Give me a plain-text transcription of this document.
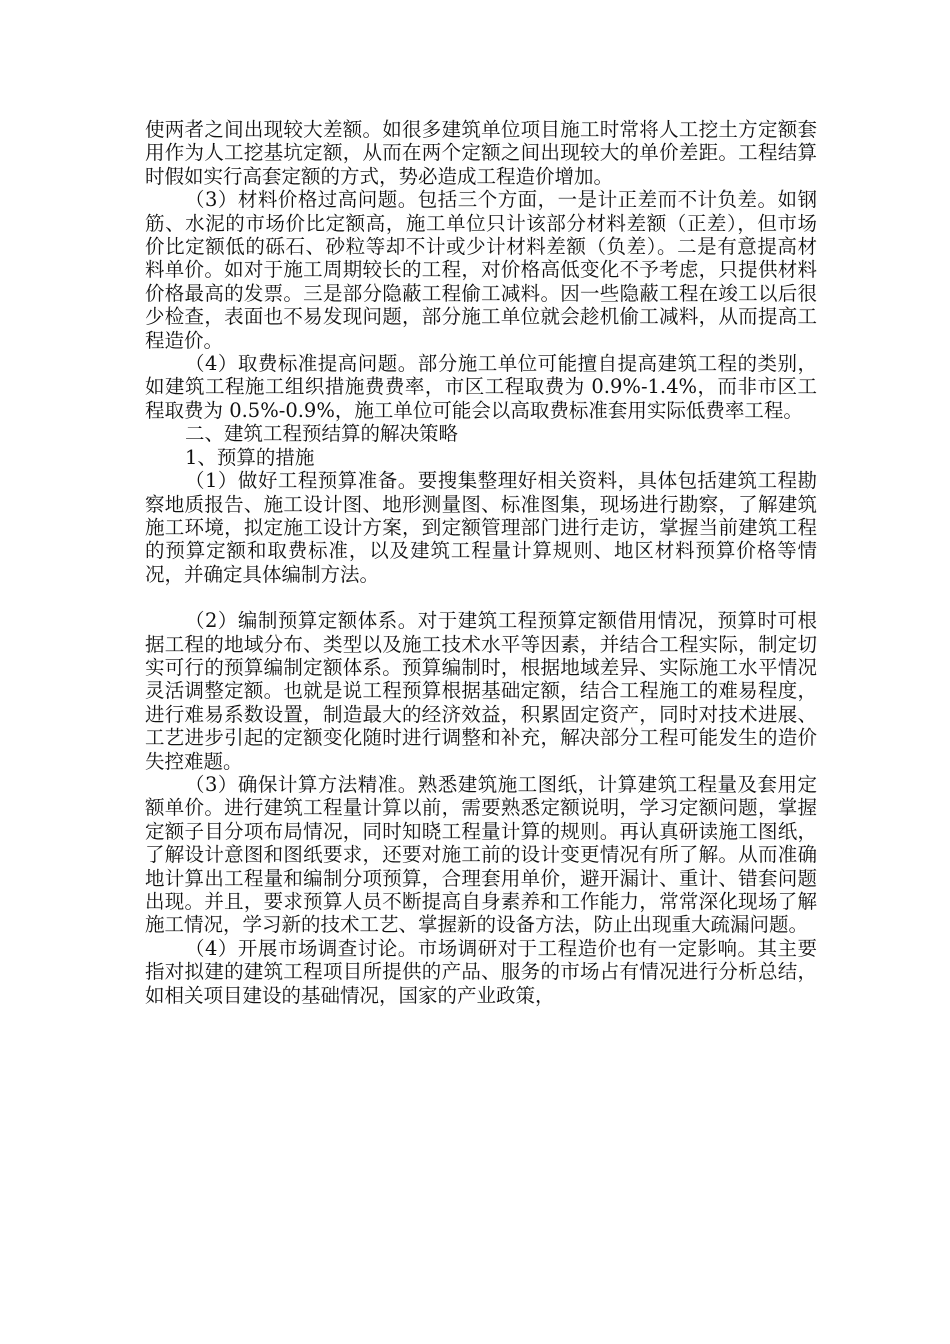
使两者之间出现较大差额。如很多建筑单位项目施工时常将人工挖土方定额套用作为人工挖基坑定额，从而在两个定额之间出现较大的单价差距。工程结算时假如实行高套定额的方式，势必造成工程造价增加。

（3）材料价格过高问题。包括三个方面，一是计正差而不计负差。如钢筋、水泥的市场价比定额高，施工单位只计该部分材料差额（正差），但市场价比定额低的砾石、砂粒等却不计或少计材料差额（负差）。二是有意提高材料单价。如对于施工周期较长的工程，对价格高低变化不予考虑，只提供材料价格最高的发票。三是部分隐蔽工程偷工减料。因一些隐蔽工程在竣工以后很少检查，表面也不易发现问题，部分施工单位就会趁机偷工减料，从而提高工程造价。

（4）取费标准提高问题。部分施工单位可能擅自提高建筑工程的类别，如建筑工程施工组织措施费费率，市区工程取费为 0.9%-1.4%，而非市区工程取费为 0.5%-0.9%，施工单位可能会以高取费标准套用实际低费率工程。

二、建筑工程预结算的解决策略

1、预算的措施

（1）做好工程预算准备。要搜集整理好相关资料，具体包括建筑工程勘察地质报告、施工设计图、地形测量图、标准图集，现场进行勘察，了解建筑施工环境，拟定施工设计方案，到定额管理部门进行走访，掌握当前建筑工程的预算定额和取费标准，以及建筑工程量计算规则、地区材料预算价格等情况，并确定具体编制方法。

（2）编制预算定额体系。对于建筑工程预算定额借用情况，预算时可根据工程的地域分布、类型以及施工技术水平等因素，并结合工程实际，制定切实可行的预算编制定额体系。预算编制时，根据地域差异、实际施工水平情况灵活调整定额。也就是说工程预算根据基础定额，结合工程施工的难易程度，进行难易系数设置，制造最大的经济效益，积累固定资产，同时对技术进展、工艺进步引起的定额变化随时进行调整和补充，解决部分工程可能发生的造价失控难题。

（3）确保计算方法精准。熟悉建筑施工图纸，计算建筑工程量及套用定额单价。进行建筑工程量计算以前，需要熟悉定额说明，学习定额问题，掌握定额子目分项布局情况，同时知晓工程量计算的规则。再认真研读施工图纸，了解设计意图和图纸要求，还要对施工前的设计变更情况有所了解。从而准确地计算出工程量和编制分项预算，合理套用单价，避开漏计、重计、错套问题出现。并且，要求预算人员不断提高自身素养和工作能力，常常深化现场了解施工情况，学习新的技术工艺、掌握新的设备方法，防止出现重大疏漏问题。

（4）开展市场调查讨论。市场调研对于工程造价也有一定影响。其主要指对拟建的建筑工程项目所提供的产品、服务的市场占有情况进行分析总结，如相关项目建设的基础情况，国家的产业政策，
